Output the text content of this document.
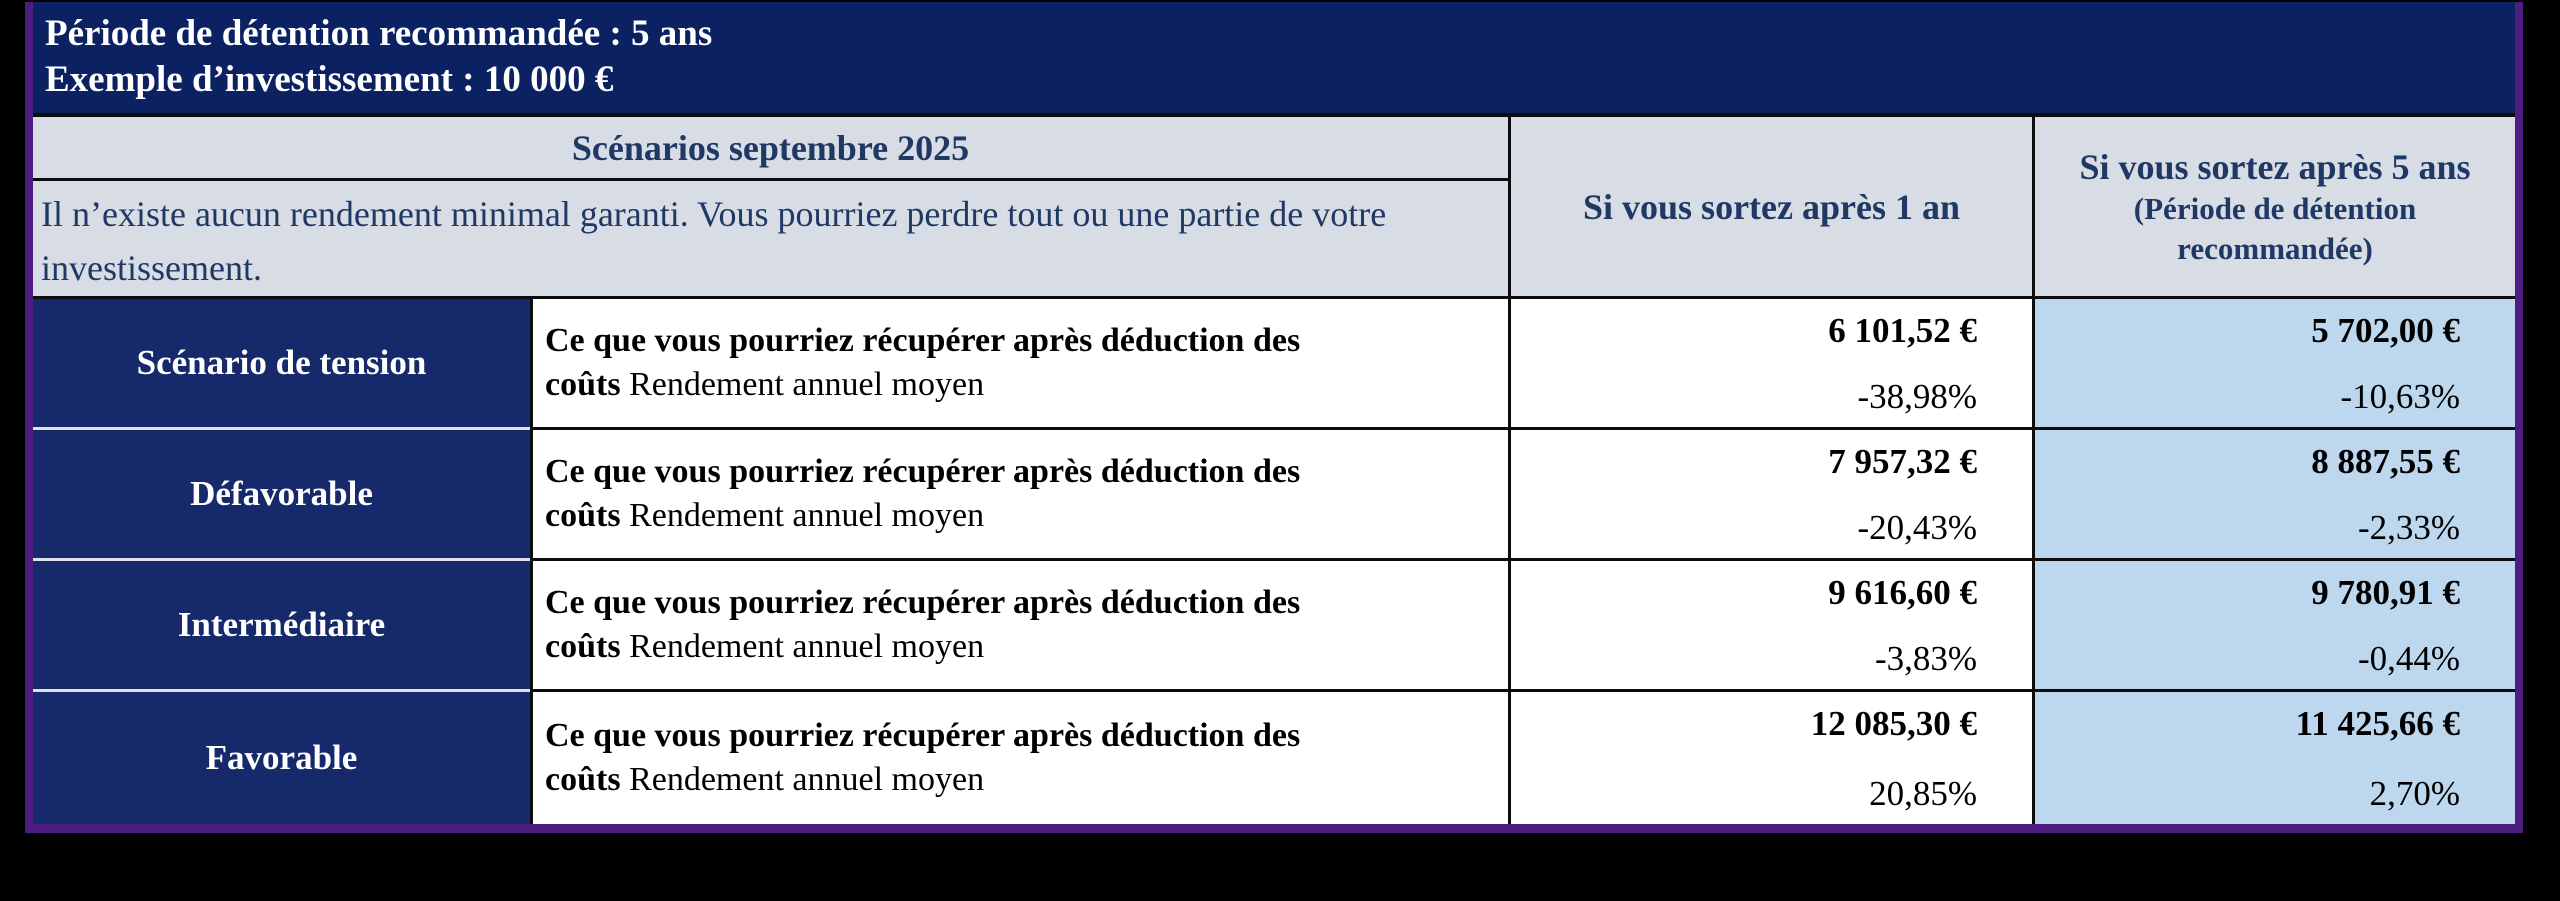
Période de détention recommandée : 5 ans
Exemple d’investissement : 10 000 €
Scénarios septembre 2025
Il n’existe aucun rendement minimal garanti. Vous pourriez perdre tout ou une partie de votre investissement.
Si vous sortez après 1 an
Si vous sortez après 5 ans
(Période de détention recommandée)
Scénario de tension
Ce que vous pourriez récupérer après déduction des
coûts Rendement annuel moyen
6 101,52 €
-38,98%
5 702,00 €
-10,63%
Défavorable
Ce que vous pourriez récupérer après déduction des
coûts Rendement annuel moyen
7 957,32 €
-20,43%
8 887,55 €
-2,33%
Intermédiaire
Ce que vous pourriez récupérer après déduction des
coûts Rendement annuel moyen
9 616,60 €
-3,83%
9 780,91 €
-0,44%
Favorable
Ce que vous pourriez récupérer après déduction des
coûts Rendement annuel moyen
12 085,30 €
20,85%
11 425,66 €
2,70%
